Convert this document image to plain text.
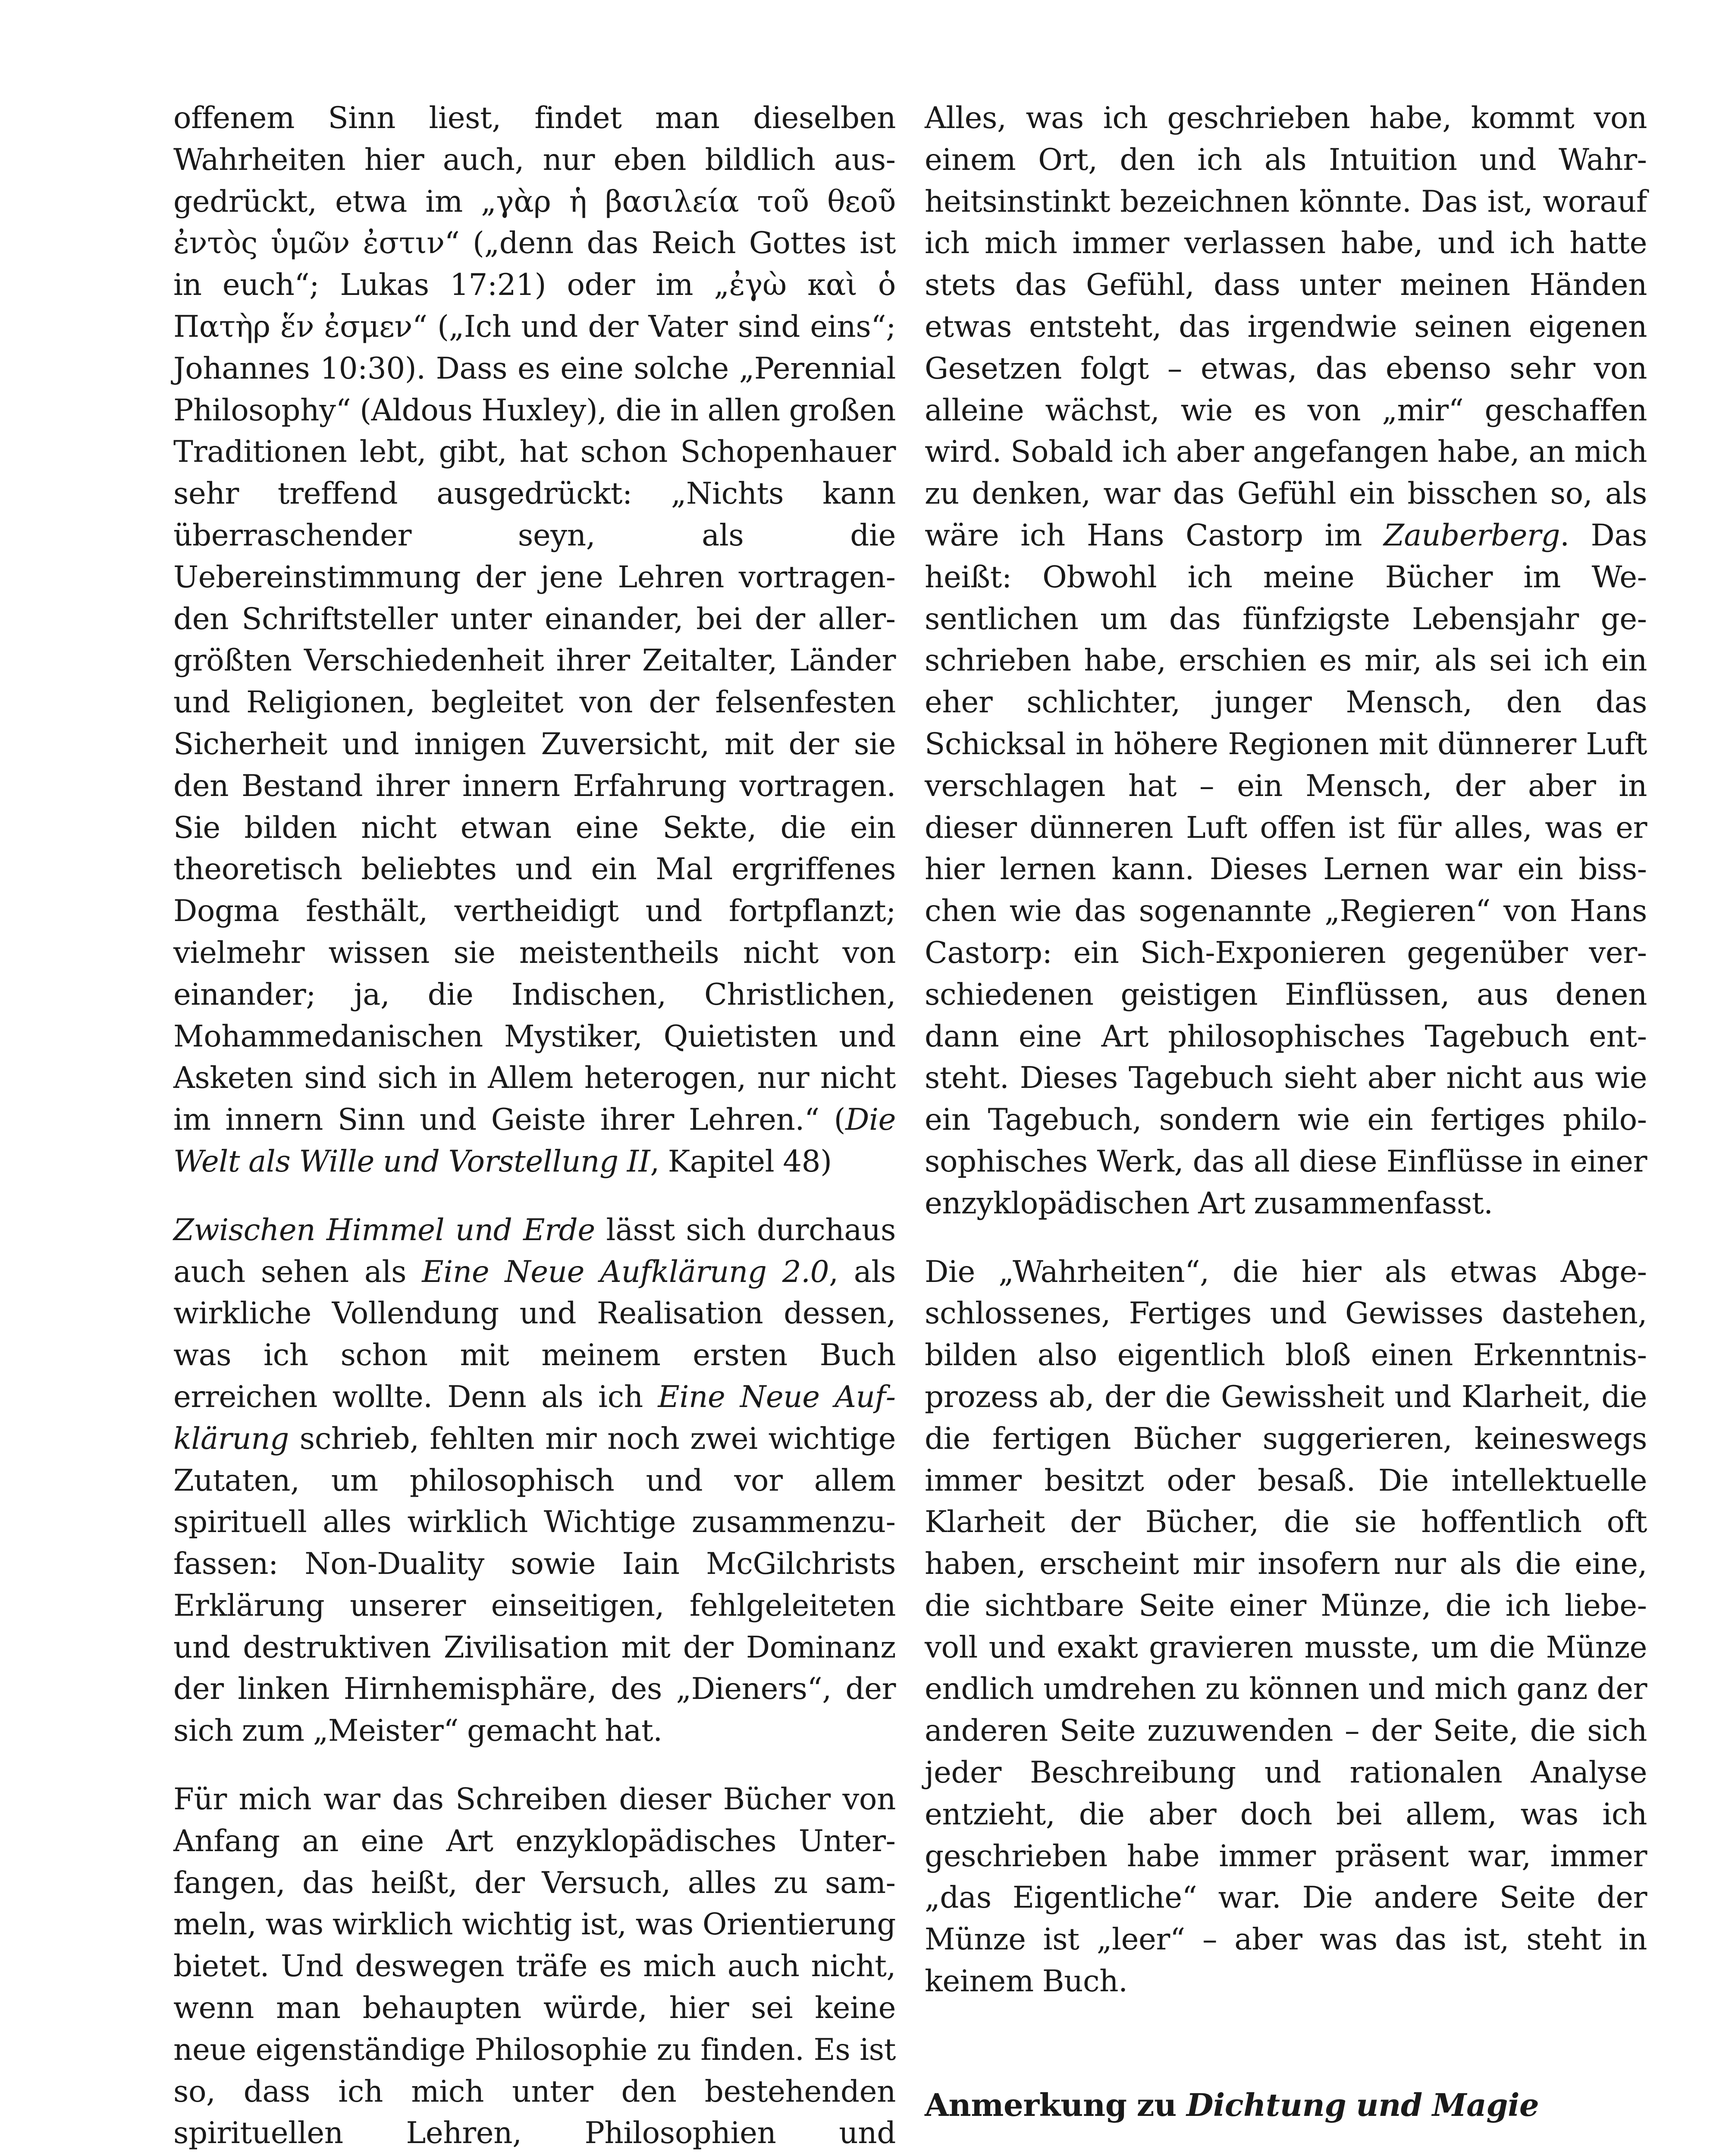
offenem Sinn liest, findet man dieselben Wahrheiten hier auch, nur eben bildlich ausgedrückt, etwa im „γὰρ ἡ βασιλεία τοῦ θεοῦ ἐντὸς ὑμῶν ἐστιν“ („denn das Reich Gottes ist in euch“; Lukas 17:21) oder im „ἐγὼ καὶ ὁ Πατὴρ ἕν ἐσμεν“ („Ich und der Vater sind eins“; Johannes 10:30). Dass es eine solche „Perennial Philosophy“ (Aldous Huxley), die in allen großen Traditionen lebt, gibt, hat schon Schopenhauer sehr treffend ausgedrückt: „Nichts kann überraschender seyn, als die Uebereinstimmung der jene Lehren vortragenden Schriftsteller unter einander, bei der allergrößten Verschiedenheit ihrer Zeitalter, Länder und Religionen, begleitet von der felsenfesten Sicherheit und innigen Zuversicht, mit der sie den Bestand ihrer innern Erfahrung vortragen. Sie bilden nicht etwan eine Sekte, die ein theoretisch beliebtes und ein Mal ergriffenes Dogma festhält, vertheidigt und fortpflanzt; vielmehr wissen sie meistentheils nicht von einander; ja, die Indischen, Christlichen, Mohammedanischen Mystiker, Quietisten und Asketen sind sich in Allem heterogen, nur nicht im innern Sinn und Geiste ihrer Lehren.“ (Die Welt als Wille und Vorstellung II, Kapitel 48)

Zwischen Himmel und Erde lässt sich durchaus auch sehen als Eine Neue Aufklärung 2.0, als wirkliche Vollendung und Realisation dessen, was ich schon mit meinem ersten Buch erreichen wollte. Denn als ich Eine Neue Aufklärung schrieb, fehlten mir noch zwei wichtige Zutaten, um philosophisch und vor allem spirituell alles wirklich Wichtige zusammenzufassen: Non-Duality sowie Iain McGilchrists Erklärung unserer einseitigen, fehlgeleiteten und destruktiven Zivilisation mit der Dominanz der linken Hirnhemisphäre, des „Dieners“, der sich zum „Meister“ gemacht hat.

Für mich war das Schreiben dieser Bücher von Anfang an eine Art enzyklopädisches Unterfangen, das heißt, der Versuch, alles zu sammeln, was wirklich wichtig ist, was Orientierung bietet. Und deswegen träfe es mich auch nicht, wenn man behaupten würde, hier sei keine neue eigenständige Philosophie zu finden. Es ist so, dass ich mich unter den bestehenden spirituellen Lehren, Philosophien und

Alles, was ich geschrieben habe, kommt von einem Ort, den ich als Intuition und Wahrheitsinstinkt bezeichnen könnte. Das ist, worauf ich mich immer verlassen habe, und ich hatte stets das Gefühl, dass unter meinen Händen etwas entsteht, das irgendwie seinen eigenen Gesetzen folgt – etwas, das ebenso sehr von alleine wächst, wie es von „mir“ geschaffen wird. Sobald ich aber angefangen habe, an mich zu denken, war das Gefühl ein bisschen so, als wäre ich Hans Castorp im Zauberberg. Das heißt: Obwohl ich meine Bücher im Wesentlichen um das fünfzigste Lebensjahr geschrieben habe, erschien es mir, als sei ich ein eher schlichter, junger Mensch, den das Schicksal in höhere Regionen mit dünnerer Luft verschlagen hat – ein Mensch, der aber in dieser dünneren Luft offen ist für alles, was er hier lernen kann. Dieses Lernen war ein bisschen wie das sogenannte „Regieren“ von Hans Castorp: ein Sich-Exponieren gegenüber verschiedenen geistigen Einflüssen, aus denen dann eine Art philosophisches Tagebuch entsteht. Dieses Tagebuch sieht aber nicht aus wie ein Tagebuch, sondern wie ein fertiges philosophisches Werk, das all diese Einflüsse in einer enzyklopädischen Art zusammenfasst.

Die „Wahrheiten“, die hier als etwas Abgeschlossenes, Fertiges und Gewisses dastehen, bilden also eigentlich bloß einen Erkenntnisprozess ab, der die Gewissheit und Klarheit, die die fertigen Bücher suggerieren, keineswegs immer besitzt oder besaß. Die intellektuelle Klarheit der Bücher, die sie hoffentlich oft haben, erscheint mir insofern nur als die eine, die sichtbare Seite einer Münze, die ich liebevoll und exakt gravieren musste, um die Münze endlich umdrehen zu können und mich ganz der anderen Seite zuzuwenden – der Seite, die sich jeder Beschreibung und rationalen Analyse entzieht, die aber doch bei allem, was ich geschrieben habe immer präsent war, immer „das Eigentliche“ war. Die andere Seite der Münze ist „leer“ – aber was das ist, steht in keinem Buch.

Anmerkung zu Dichtung und Magie
